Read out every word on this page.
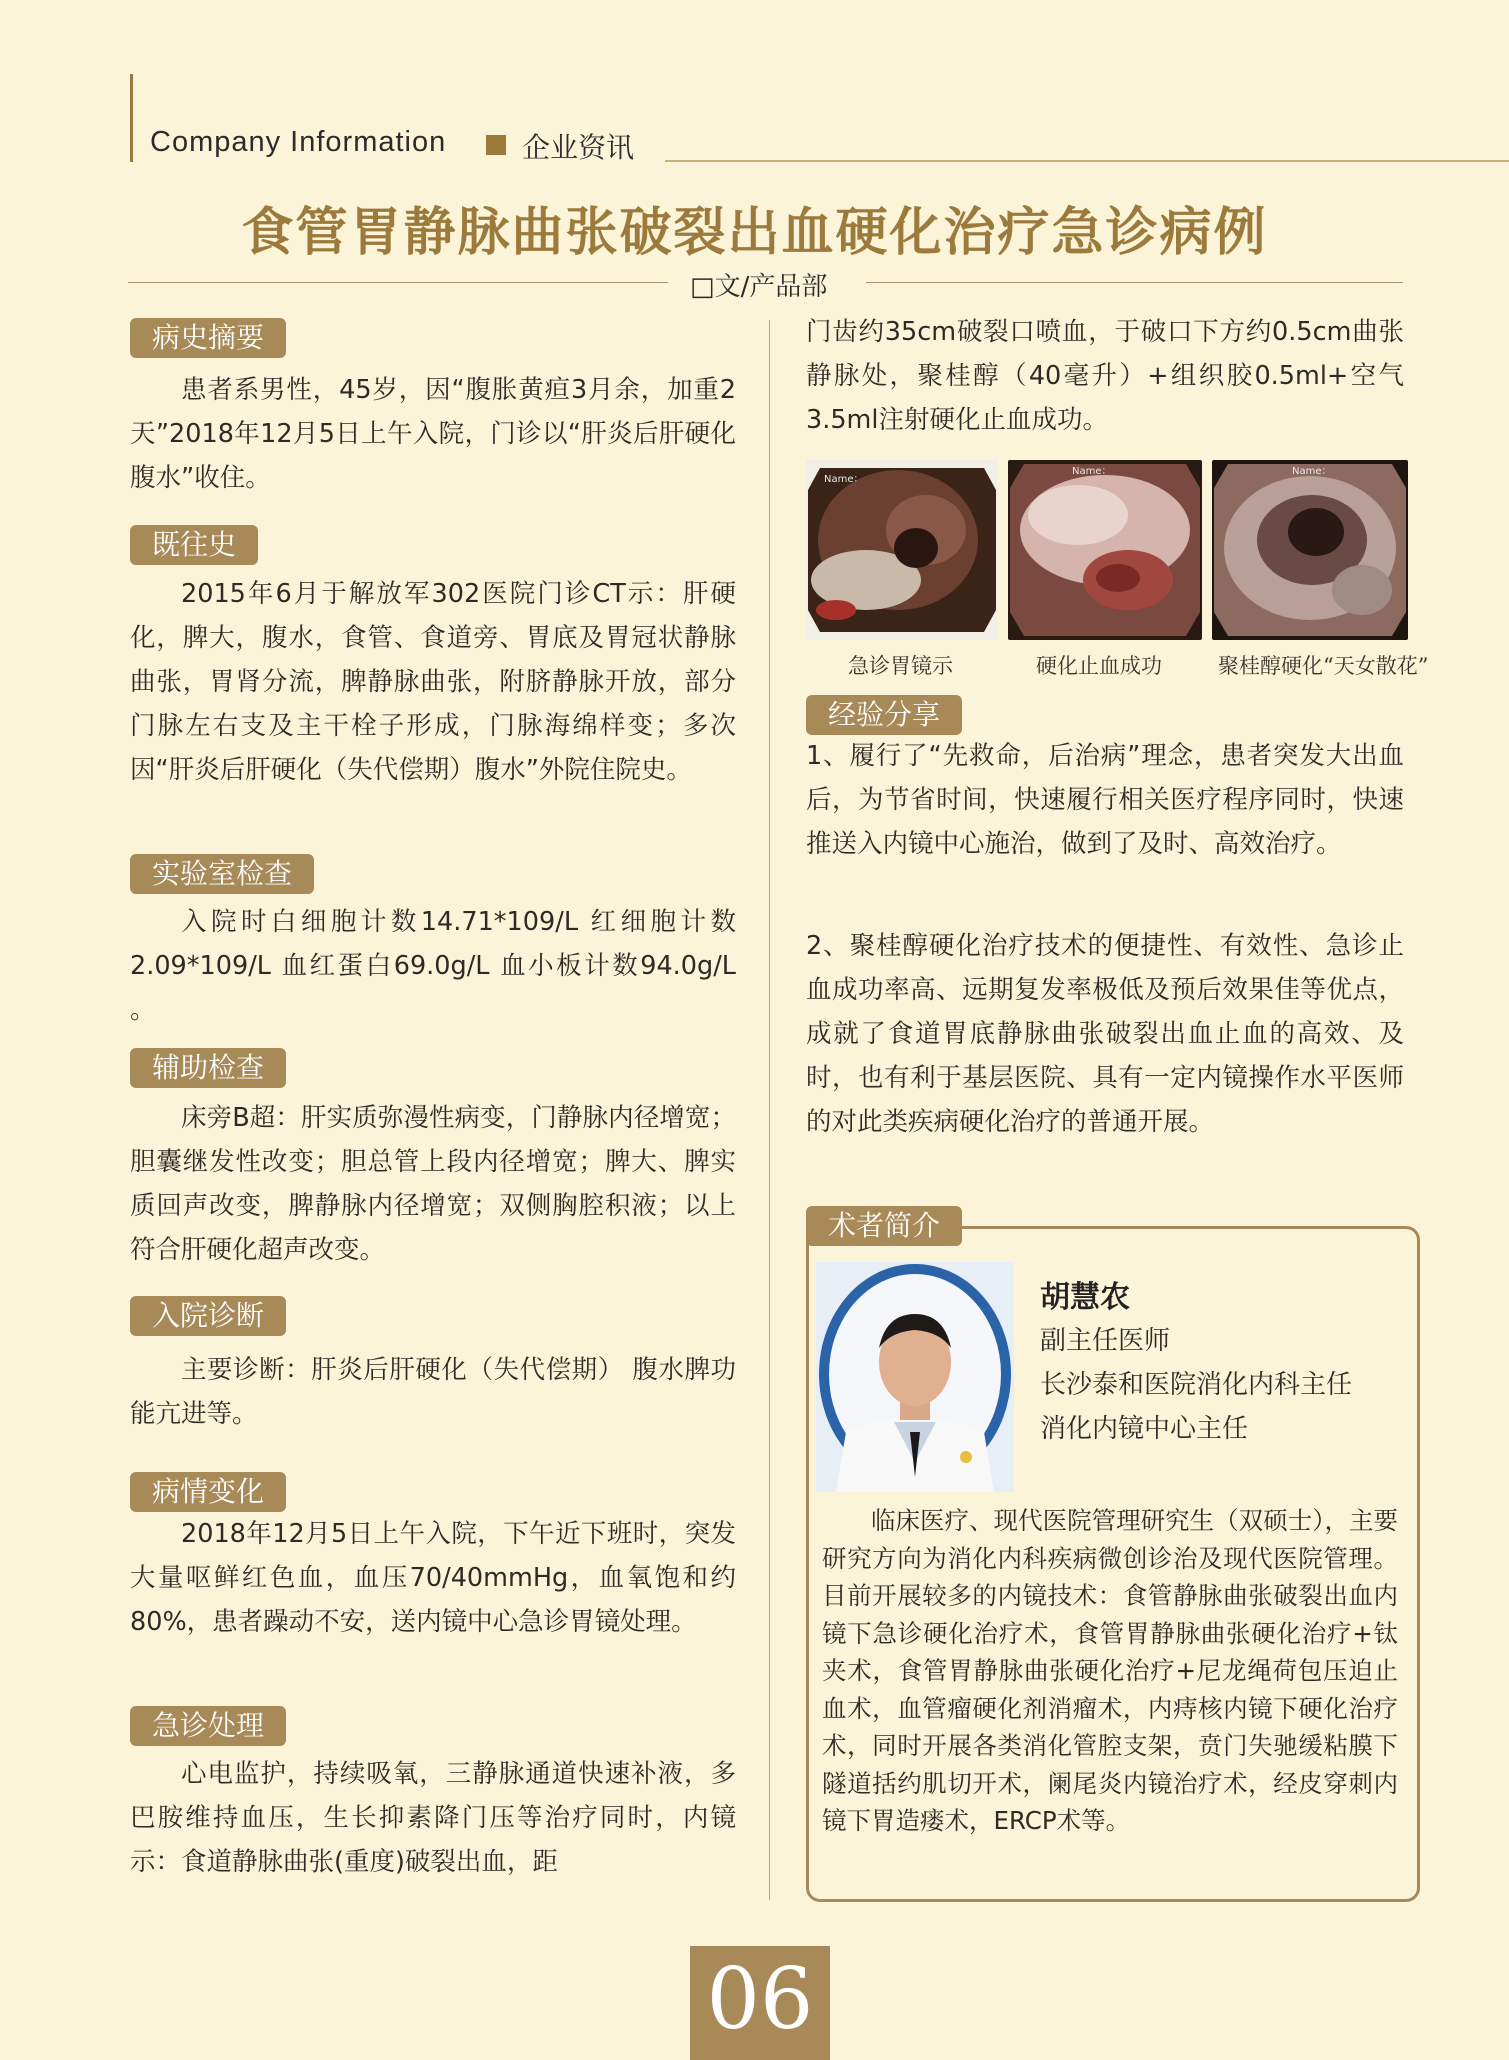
Company Information	企业资讯
食管胃静脉曲张破裂出血硬化治疗急诊病例
□文/产品部
病史摘要
患者系男性，45岁，因“腹胀黄疸3月余，加重2天”2018年12月5日上午入院，门诊以“肝炎后肝硬化 腹水”收住。
既往史
2015年6月于解放军302医院门诊CT示：肝硬化，脾大，腹水，食管、食道旁、胃底及胃冠状静脉曲张，胃肾分流，脾静脉曲张，附脐静脉开放，部分门脉左右支及主干栓子形成，门脉海绵样变；多次因“肝炎后肝硬化（失代偿期）腹水”外院住院史。
实验室检查
入院时白细胞计数14.71*109/L 红细胞计数2.09*109/L 血红蛋白69.0g/L 血小板计数94.0g/L 。
辅助检查
床旁B超：肝实质弥漫性病变，门静脉内径增宽；胆囊继发性改变；胆总管上段内径增宽；脾大、脾实质回声改变，脾静脉内径增宽；双侧胸腔积液；以上符合肝硬化超声改变。
入院诊断
主要诊断：肝炎后肝硬化（失代偿期） 腹水脾功能亢进等。
病情变化
2018年12月5日上午入院，下午近下班时，突发大量呕鲜红色血，血压70/40mmHg，血氧饱和约80%，患者躁动不安，送内镜中心急诊胃镜处理。
急诊处理
心电监护，持续吸氧，三静脉通道快速补液，多巴胺维持血压，生长抑素降门压等治疗同时，内镜示：食道静脉曲张(重度)破裂出血，距
门齿约35cm破裂口喷血，于破口下方约0.5cm曲张静脉处，聚桂醇（40毫升）+组织胶0.5ml+空气3.5ml注射硬化止血成功。
Name：
Name：	Name：
急诊胃镜示	硬化止血成功	聚桂醇硬化“天女散花”
经验分享
1、履行了“先救命，后治病”理念，患者突发大出血后，为节省时间，快速履行相关医疗程序同时，快速推送入内镜中心施治，做到了及时、高效治疗。
2、聚桂醇硬化治疗技术的便捷性、有效性、急诊止血成功率高、远期复发率极低及预后效果佳等优点，成就了食道胃底静脉曲张破裂出血止血的高效、及时，也有利于基层医院、具有一定内镜操作水平医师的对此类疾病硬化治疗的普通开展。
术者简介
胡慧农
副主任医师
长沙泰和医院消化内科主任
消化内镜中心主任
临床医疗、现代医院管理研究生（双硕士），主要研究方向为消化内科疾病微创诊治及现代医院管理。目前开展较多的内镜技术：食管静脉曲张破裂出血内镜下急诊硬化治疗术，食管胃静脉曲张硬化治疗+钛夹术，食管胃静脉曲张硬化治疗+尼龙绳荷包压迫止血术，血管瘤硬化剂消瘤术，内痔核内镜下硬化治疗术，同时开展各类消化管腔支架，贲门失驰缓粘膜下隧道括约肌切开术，阑尾炎内镜治疗术，经皮穿刺内镜下胃造瘘术，ERCP术等。
06
